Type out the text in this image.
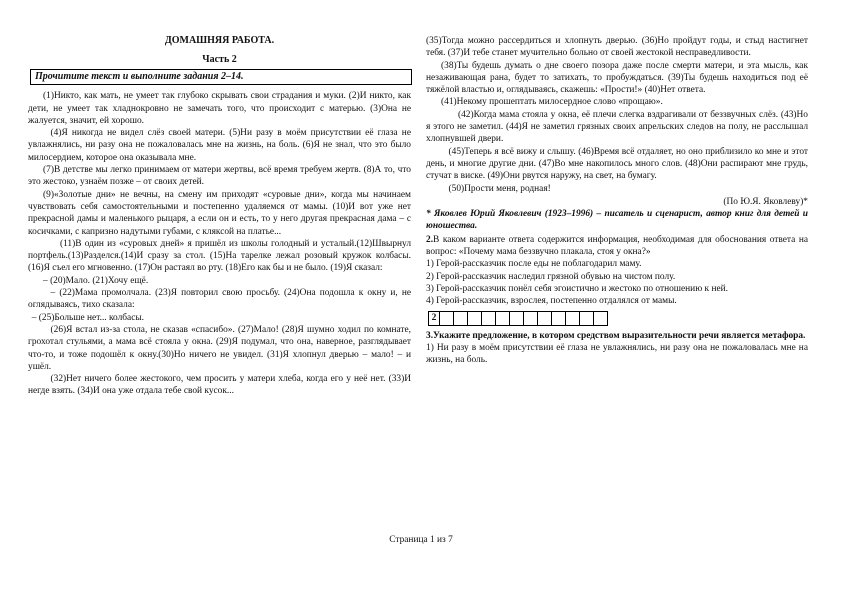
ДОМАШНЯЯ РАБОТА.
Часть 2
Прочитите текст и выполните задания 2–14.

(1)Никто, как мать, не умеет так глубоко скрывать свои страдания и муки. (2)И никто, как дети, не умеет так хладнокровно не замечать того, что происходит с матерью. (3)Она не жалуется, значит, ей хорошо.

(4)Я никогда не видел слёз своей матери. (5)Ни разу в моём присутствии её глаза не увлажнялись, ни разу она не пожаловалась мне на жизнь, на боль. (6)Я не знал, что это было милосердием, которое она оказывала мне.

(7)В детстве мы легко принимаем от матери жертвы, всё время требуем жертв. (8)А то, что это жестоко, узнаём позже – от своих детей.

(9)«Золотые дни» не вечны, на смену им приходят «суровые дни», когда мы начинаем чувствовать себя самостоятельными и постепенно удаляемся от мамы. (10)И вот уже нет прекрасной дамы и маленького рыцаря, а если он и есть, то у него другая прекрасная дама – с косичками, с капризно надутыми губами, с кляксой на платье...

(11)В один из «суровых дней» я пришёл из школы голодный и усталый.(12)Швырнул портфель.(13)Разделся.(14)И сразу за стол. (15)На тарелке лежал розовый кружок колбасы. (16)Я съел его мгновенно. (17)Он растаял во рту. (18)Его как бы и не было. (19)Я сказал:

– (20)Мало. (21)Хочу ещё.

– (22)Мама промолчала. (23)Я повторил свою просьбу. (24)Она подошла к окну и, не оглядываясь, тихо сказала:

– (25)Больше нет... колбасы.

(26)Я встал из-за стола, не сказав «спасибо». (27)Мало! (28)Я шумно ходил по комнате, грохотал стульями, а мама всё стояла у окна. (29)Я подумал, что она, наверное, разглядывает что-то, и тоже подошёл к окну.(30)Но ничего не увидел. (31)Я хлопнул дверью – мало! – и ушёл.

(32)Нет ничего более жестокого, чем просить у матери хлеба, когда его у неё нет. (33)И негде взять. (34)И она уже отдала тебе свой кусок...

(35)Тогда можно рассердиться и хлопнуть дверью. (36)Но пройдут годы, и стыд настигнет тебя. (37)И тебе станет мучительно больно от своей жестокой несправедливости.

(38)Ты будешь думать о дне своего позора даже после смерти матери, и эта мысль, как незаживающая рана, будет то затихать, то пробуждаться. (39)Ты будешь находиться под её тяжёлой властью и, оглядываясь, скажешь: «Прости!» (40)Нет ответа.

(41)Некому прошептать милосердное слово «прощаю».

(42)Когда мама стояла у окна, её плечи слегка вздрагивали от беззвучных слёз. (43)Но я этого не заметил. (44)Я не заметил грязных своих апрельских следов на полу, не расслышал хлопнувшей двери.

(45)Теперь я всё вижу и слышу. (46)Время всё отдаляет, но оно приблизило ко мне и этот день, и многие другие дни. (47)Во мне накопилось много слов. (48)Они распирают мне грудь, стучат в виске. (49)Они рвутся наружу, на свет, на бумагу.

(50)Прости меня, родная!

(По Ю.Я. Яковлеву)*

* Яковлев Юрий Яковлевич (1923–1996) – писатель и сценарист, автор книг для детей и юношества.

2.В каком варианте ответа содержится информация, необходимая для обоснования ответа на вопрос: «Почему мама беззвучно плакала, стоя у окна?»

1) Герой-рассказчик после еды не поблагодарил маму.

2) Герой-рассказчик наследил грязной обувью на чистом полу.

3) Герой-рассказчик понёл себя эгоистично и жестоко по отношению к ней.

4) Герой-рассказчик, взрослея, постепенно отдалялся от мамы.

2

3.Укажите предложение, в котором средством выразительности речи является метафора.

1) Ни разу в моём присутствии её глаза не увлажнялись, ни разу она не пожаловалась мне на жизнь, на боль.

Страница 1 из 7
